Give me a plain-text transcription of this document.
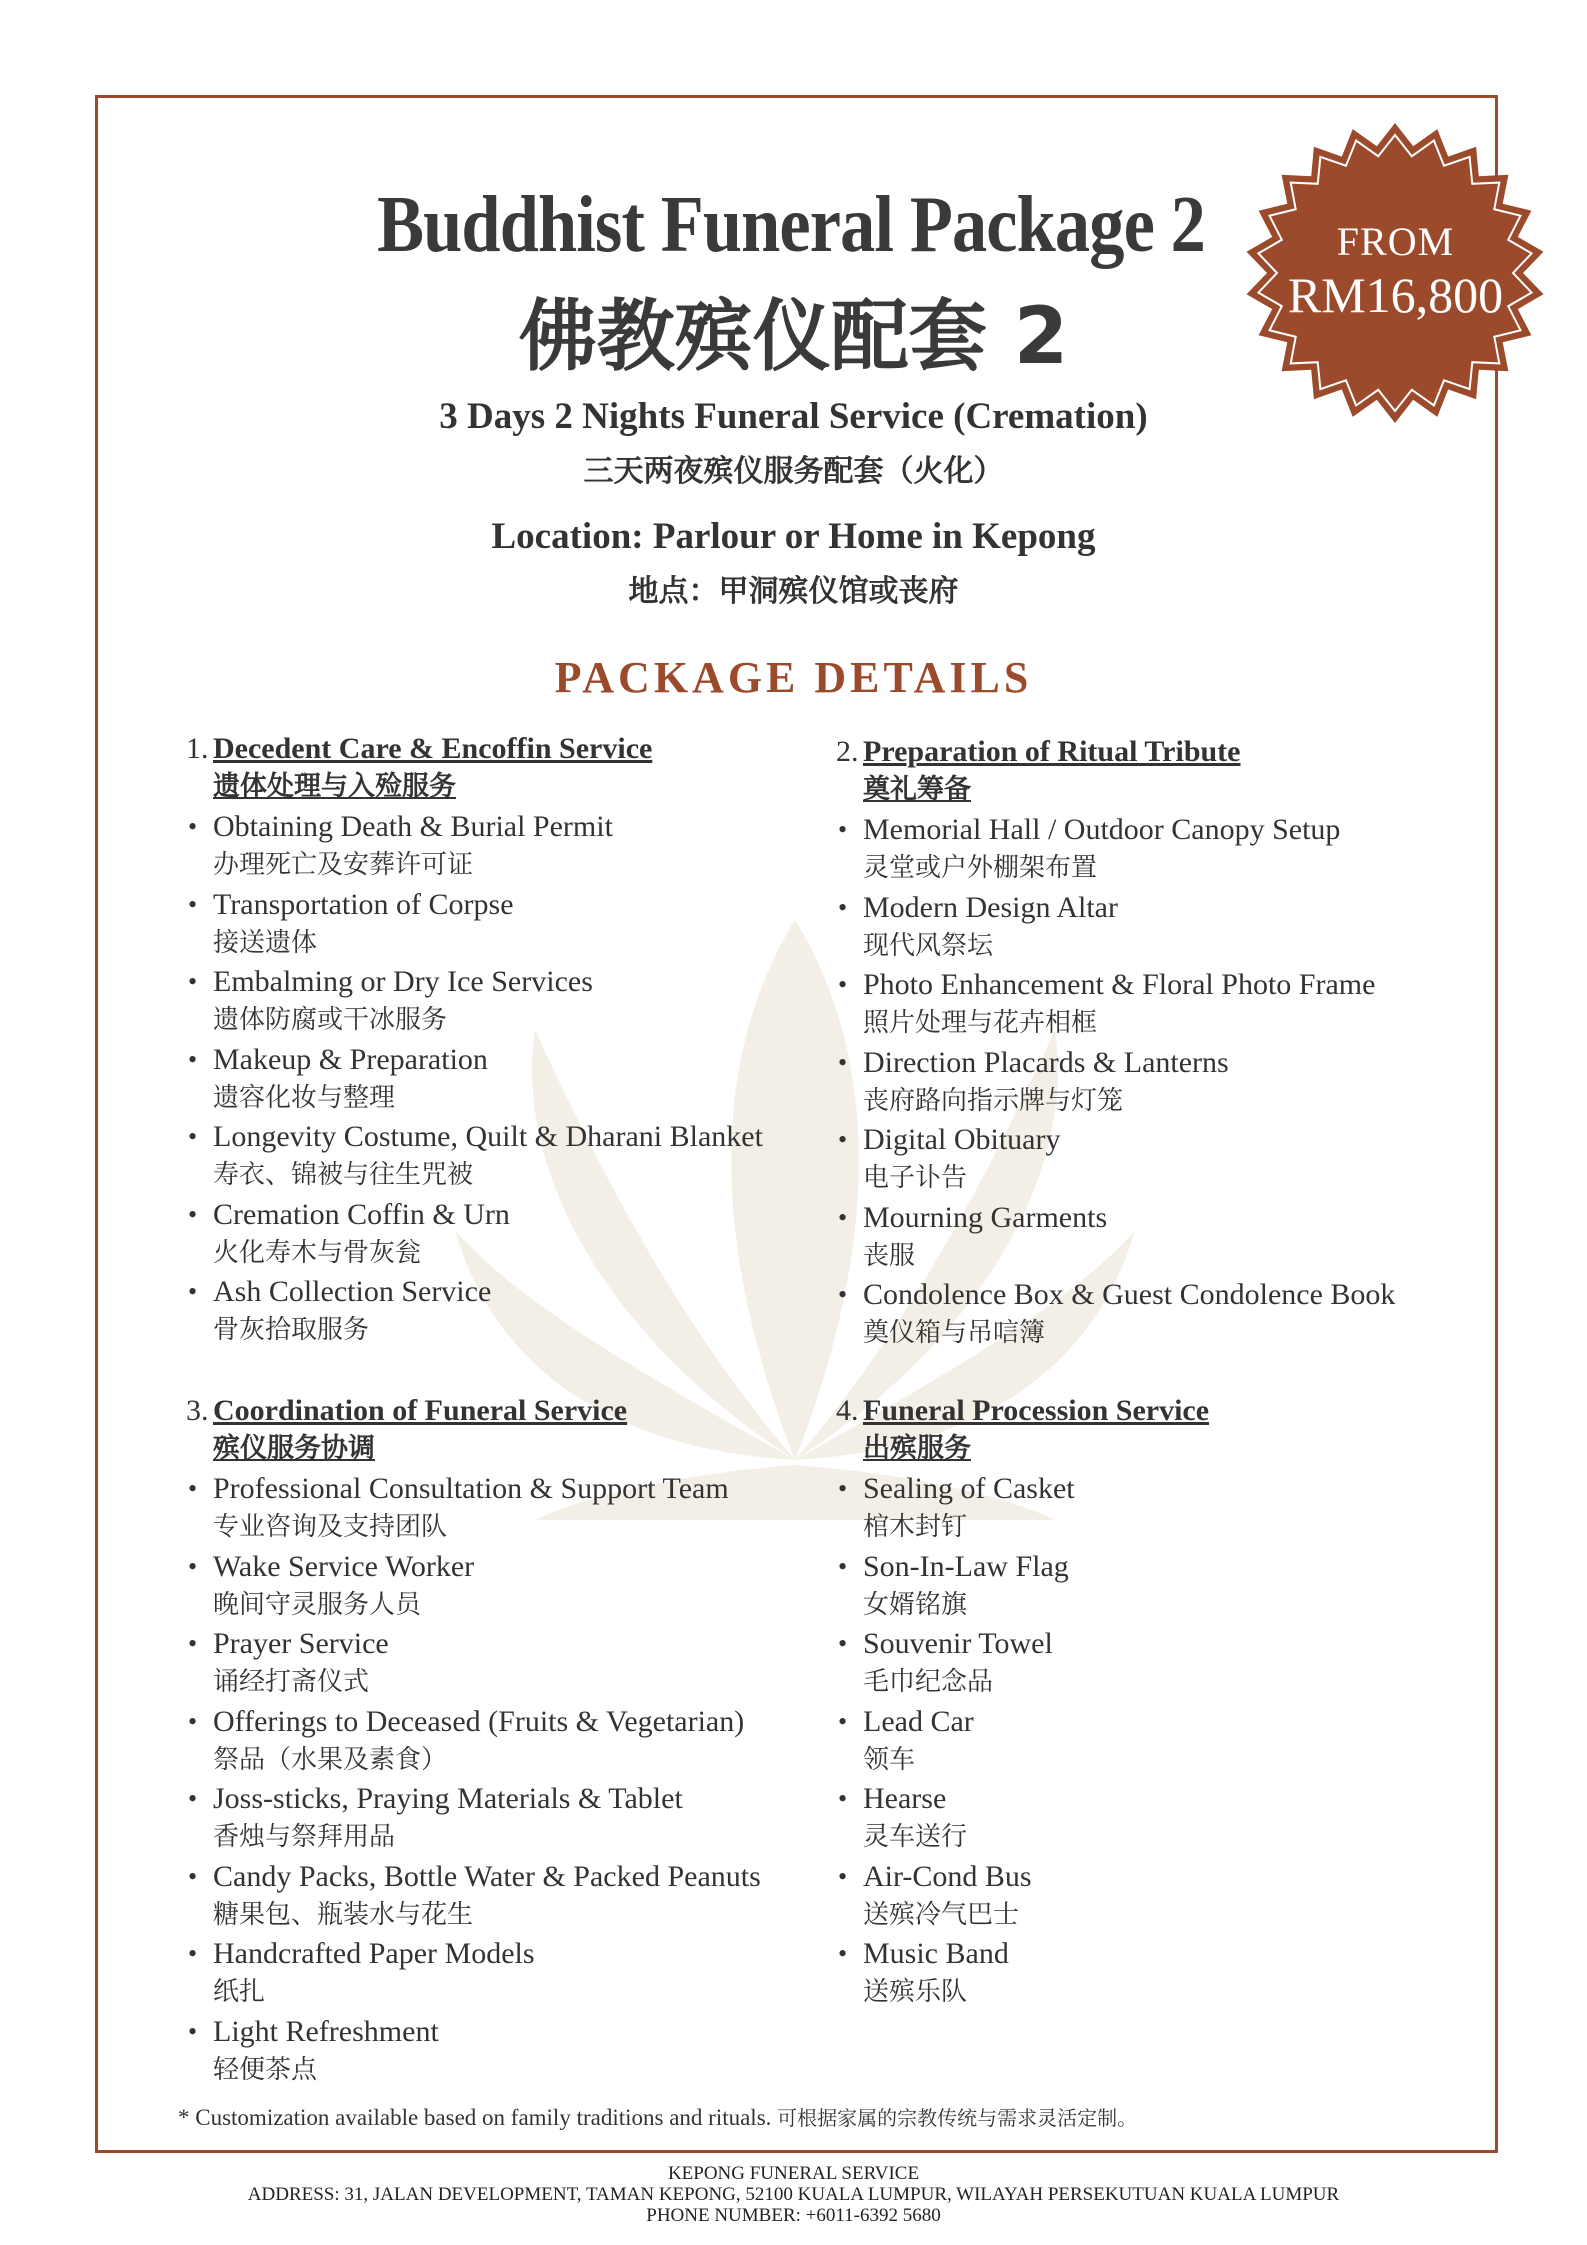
FROM
RM16,800
Buddhist Funeral Package 2
佛教殡仪配套 2
3 Days 2 Nights Funeral Service (Cremation)
三天两夜殡仪服务配套（火化）
Location: Parlour or Home in Kepong
地点：甲洞殡仪馆或丧府
PACKAGE DETAILS
1. Decedent Care & Encoffin Service
遗体处理与入殓服务
• Obtaining Death & Burial Permit
办理死亡及安葬许可证
• Transportation of Corpse
接送遗体
• Embalming or Dry Ice Services
遗体防腐或干冰服务
• Makeup & Preparation
遗容化妆与整理
• Longevity Costume, Quilt & Dharani Blanket
寿衣、锦被与往生咒被
• Cremation Coffin & Urn
火化寿木与骨灰瓮
• Ash Collection Service
骨灰拾取服务
2. Preparation of Ritual Tribute
奠礼筹备
• Memorial Hall / Outdoor Canopy Setup
灵堂或户外棚架布置
• Modern Design Altar
现代风祭坛
• Photo Enhancement & Floral Photo Frame
照片处理与花卉相框
• Direction Placards & Lanterns
丧府路向指示牌与灯笼
• Digital Obituary
电子讣告
• Mourning Garments
丧服
• Condolence Box & Guest Condolence Book
奠仪箱与吊唁簿
3. Coordination of Funeral Service
殡仪服务协调
• Professional Consultation & Support Team
专业咨询及支持团队
• Wake Service Worker
晚间守灵服务人员
• Prayer Service
诵经打斋仪式
• Offerings to Deceased (Fruits & Vegetarian)
祭品（水果及素食）
• Joss-sticks, Praying Materials & Tablet
香烛与祭拜用品
• Candy Packs, Bottle Water & Packed Peanuts
糖果包、瓶装水与花生
• Handcrafted Paper Models
纸扎
• Light Refreshment
轻便茶点
4. Funeral Procession Service
出殡服务
• Sealing of Casket
棺木封钉
• Son-In-Law Flag
女婿铭旗
• Souvenir Towel
毛巾纪念品
• Lead Car
领车
• Hearse
灵车送行
• Air-Cond Bus
送殡冷气巴士
• Music Band
送殡乐队
* Customization available based on family traditions and rituals. 可根据家属的宗教传统与需求灵活定制。
KEPONG FUNERAL SERVICE
ADDRESS: 31, JALAN DEVELOPMENT, TAMAN KEPONG, 52100 KUALA LUMPUR, WILAYAH PERSEKUTUAN KUALA LUMPUR
PHONE NUMBER: +6011-6392 5680
